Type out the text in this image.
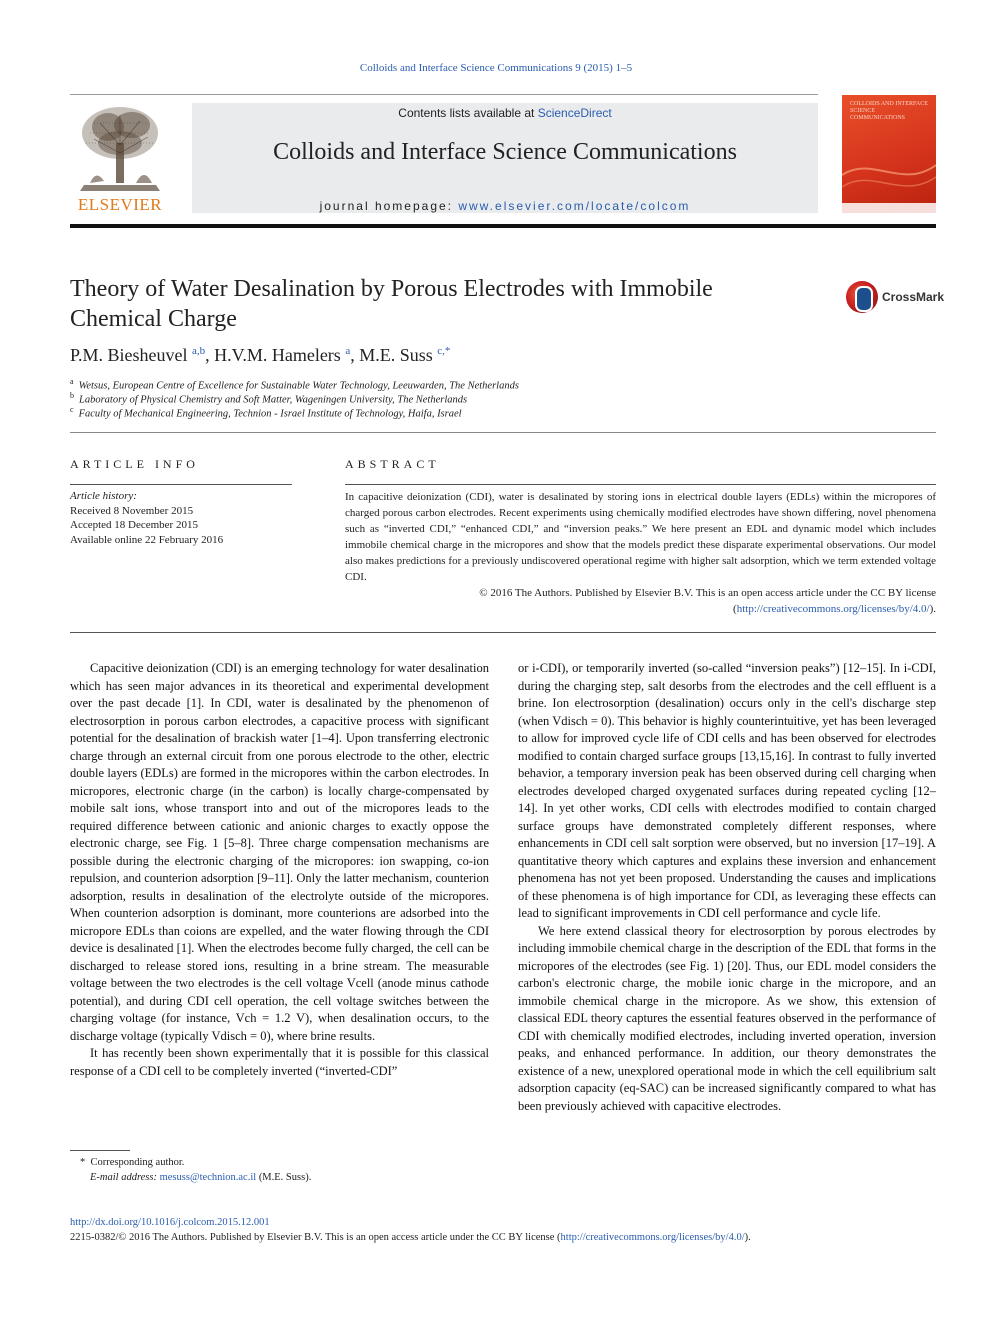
Colloids and Interface Science Communications 9 (2015) 1–5
ELSEVIER
Contents lists available at ScienceDirect
Colloids and Interface Science Communications
journal homepage: www.elsevier.com/locate/colcom
COLLOIDS AND INTERFACE SCIENCE COMMUNICATIONS
Theory of Water Desalination by Porous Electrodes with Immobile
Chemical Charge
CrossMark
P.M. Biesheuvel $^{a,b}$, H.V.M. Hamelers $^a$, M.E. Suss $^{c,*}$
$^a$ Wetsus, European Centre of Excellence for Sustainable Water Technology, Leeuwarden, The Netherlands
$^b$ Laboratory of Physical Chemistry and Soft Matter, Wageningen University, The Netherlands
$^c$ Faculty of Mechanical Engineering, Technion - Israel Institute of Technology, Haifa, Israel
ARTICLE INFO
Article history:
Received 8 November 2015
Accepted 18 December 2015
Available online 22 February 2016
ABSTRACT
In capacitive deionization (CDI), water is desalinated by storing ions in electrical double layers (EDLs) within the micropores of charged porous carbon electrodes. Recent experiments using chemically modified electrodes have shown differing, novel phenomena such as “inverted CDI,” “enhanced CDI,” and “inversion peaks.” We here present an EDL and dynamic model which includes immobile chemical charge in the micropores and show that the models predict these disparate experimental observations. Our model also makes predictions for a previously undiscovered operational regime with higher salt adsorption, which we term extended voltage CDI.
© 2016 The Authors. Published by Elsevier B.V. This is an open access article under the CC BY license
(http://creativecommons.org/licenses/by/4.0/).

Capacitive deionization (CDI) is an emerging technology for water desalination which has seen major advances in its theoretical and experimental development over the past decade [1]. In CDI, water is desalinated by the phenomenon of electrosorption in porous carbon electrodes, a capacitive process with significant potential for the desalination of brackish water [1–4]. Upon transferring electronic charge through an external circuit from one porous electrode to the other, electric double layers (EDLs) are formed in the micropores within the carbon electrodes. In micropores, electronic charge (in the carbon) is locally charge-compensated by mobile salt ions, whose transport into and out of the micropores leads to the required difference between cationic and anionic charges to exactly oppose the electronic charge, see Fig. 1 [5–8]. Three charge compensation mechanisms are possible during the electronic charging of the micropores: ion swapping, co-ion repulsion, and counterion adsorption [9–11]. Only the latter mechanism, counterion adsorption, results in desalination of the electrolyte outside of the micropores. When counterion adsorption is dominant, more counterions are adsorbed into the micropore EDLs than coions are expelled, and the water flowing through the CDI device is desalinated [1]. When the electrodes become fully charged, the cell can be discharged to release stored ions, resulting in a brine stream. The measurable voltage between the two electrodes is the cell voltage Vcell (anode minus cathode potential), and during CDI cell operation, the cell voltage switches between the charging voltage (for instance, Vch = 1.2 V), when desalination occurs, to the discharge voltage (typically Vdisch = 0), where brine results.

It has recently been shown experimentally that it is possible for this classical response of a CDI cell to be completely inverted (“inverted-CDI”

or i-CDI), or temporarily inverted (so-called “inversion peaks”) [12–15]. In i-CDI, during the charging step, salt desorbs from the electrodes and the cell effluent is a brine. Ion electrosorption (desalination) occurs only in the cell's discharge step (when Vdisch = 0). This behavior is highly counterintuitive, yet has been leveraged to allow for improved cycle life of CDI cells and has been observed for electrodes modified to contain charged surface groups [13,15,16]. In contrast to fully inverted behavior, a temporary inversion peak has been observed during cell charging when electrodes developed charged oxygenated surfaces during repeated cycling [12–14]. In yet other works, CDI cells with electrodes modified to contain charged surface groups have demonstrated completely different responses, where enhancements in CDI cell salt sorption were observed, but no inversion [17–19]. A quantitative theory which captures and explains these inversion and enhancement phenomena has not yet been proposed. Understanding the causes and implications of these phenomena is of high importance for CDI, as leveraging these effects can lead to significant improvements in CDI cell performance and cycle life.

We here extend classical theory for electrosorption by porous electrodes by including immobile chemical charge in the description of the EDL that forms in the micropores of the electrodes (see Fig. 1) [20]. Thus, our EDL model considers the carbon's electronic charge, the mobile ionic charge in the micropore, and an immobile chemical charge in the micropore. As we show, this extension of classical EDL theory captures the essential features observed in the performance of CDI with chemically modified electrodes, including inverted operation, inversion peaks, and enhanced performance. In addition, our theory demonstrates the existence of a new, unexplored operational mode in which the cell equilibrium salt adsorption capacity (eq-SAC) can be increased significantly compared to what has been previously achieved with capacitive electrodes.

* Corresponding author.
E-mail address: mesuss@technion.ac.il (M.E. Suss).
http://dx.doi.org/10.1016/j.colcom.2015.12.001
2215-0382/© 2016 The Authors. Published by Elsevier B.V. This is an open access article under the CC BY license (http://creativecommons.org/licenses/by/4.0/).
